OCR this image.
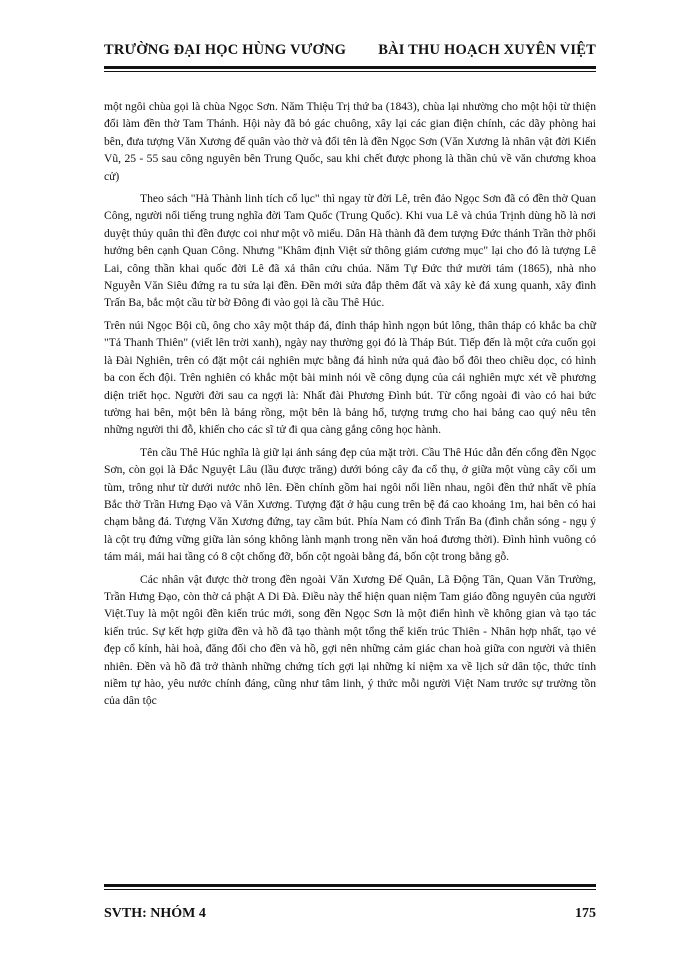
TRƯỜNG ĐẠI HỌC HÙNG VƯƠNG BÀI THU HOẠCH XUYÊN VIỆT

một ngôi chùa gọi là chùa Ngọc Sơn. Năm Thiệu Trị thứ ba (1843), chùa lại nhường cho một hội từ thiện đổi làm đền thờ Tam Thánh. Hội này đã bỏ gác chuông, xây lại các gian điện chính, các dãy phòng hai bên, đưa tượng Văn Xương đế quân vào thờ và đổi tên là đền Ngọc Sơn (Văn Xương là nhân vật đời Kiến Vũ, 25 - 55 sau công nguyên bên Trung Quốc, sau khi chết được phong là thần chủ về văn chương khoa cử)

Theo sách "Hà Thành linh tích cổ lục" thì ngay từ đời Lê, trên đảo Ngọc Sơn đã có đền thờ Quan Công, người nổi tiếng trung nghĩa đời Tam Quốc (Trung Quốc). Khi vua Lê và chúa Trịnh dùng hồ là nơi duyệt thủy quân thì đền được coi như một võ miếu. Dân Hà thành đã đem tượng Đức thánh Trần thờ phối hưởng bên cạnh Quan Công. Nhưng "Khâm định Việt sử thông giám cương mục" lại cho đó là tượng Lê Lai, công thần khai quốc đời Lê đã xả thân cứu chúa. Năm Tự Đức thứ mười tám (1865), nhà nho Nguyễn Văn Siêu đứng ra tu sửa lại đền. Đền mới sửa đắp thêm đất và xây kè đá xung quanh, xây đình Trấn Ba, bắc một cầu từ bờ Đông đi vào gọi là cầu Thê Húc.

Trên núi Ngọc Bội cũ, ông cho xây một tháp đá, đỉnh tháp hình ngọn bút lông, thân tháp có khắc ba chữ "Tả Thanh Thiên" (viết lên trời xanh), ngày nay thường gọi đó là Tháp Bút. Tiếp đến là một cửa cuốn gọi là Đài Nghiên, trên có đặt một cái nghiên mực bằng đá hình nửa quả đào bổ đôi theo chiều dọc, có hình ba con ếch đội. Trên nghiên có khắc một bài minh nói về công dụng của cái nghiên mực xét về phương diện triết học. Người đời sau ca ngợi là: Nhất đài Phương Đình bút. Từ cổng ngoài đi vào có hai bức tường hai bên, một bên là bảng rồng, một bên là bảng hổ, tượng trưng cho hai bảng cao quý nêu tên những người thi đỗ, khiến cho các sĩ tử đi qua càng gắng công học hành.

Tên cầu Thê Húc nghĩa là giữ lại ánh sáng đẹp của mặt trời. Cầu Thê Húc dẫn đến cổng đền Ngọc Sơn, còn gọi là Đắc Nguyệt Lâu (lầu được trăng) dưới bóng cây đa cổ thụ, ở giữa một vùng cây cối um tùm, trông như từ dưới nước nhô lên. Đền chính gồm hai ngôi nối liền nhau, ngôi đền thứ nhất về phía Bắc thờ Trần Hưng Đạo và Văn Xương. Tượng đặt ở hậu cung trên bệ đá cao khoảng 1m, hai bên có hai chạm bằng đá. Tượng Văn Xương đứng, tay cầm bút. Phía Nam có đình Trấn Ba (đình chắn sóng - ngụ ý là cột trụ đứng vững giữa làn sóng không lành mạnh trong nền văn hoá đương thời). Đình hình vuông có tám mái, mái hai tầng có 8 cột chống đỡ, bốn cột ngoài bằng đá, bốn cột trong bằng gỗ.

Các nhân vật được thờ trong đền ngoài Văn Xương Đế Quân, Lã Động Tân, Quan Văn Trường, Trần Hưng Đạo, còn thờ cả phật A Di Đà. Điều này thể hiện quan niệm Tam giáo đồng nguyên của người Việt.Tuy là một ngôi đền kiến trúc mới, song đền Ngọc Sơn là một điển hình về không gian và tạo tác kiến trúc. Sự kết hợp giữa đền và hồ đã tạo thành một tổng thể kiến trúc Thiên - Nhân hợp nhất, tạo vẻ đẹp cổ kính, hài hoà, đăng đối cho đền và hồ, gợi nên những cảm giác chan hoà giữa con người và thiên nhiên. Đền và hồ đã trở thành những chứng tích gợi lại những kỉ niệm xa về lịch sử dân tộc, thức tỉnh niềm tự hào, yêu nước chính đáng, cũng như tâm linh, ý thức mỗi người Việt Nam trước sự trường tồn của dân tộc

SVTH: NHÓM 4	175
